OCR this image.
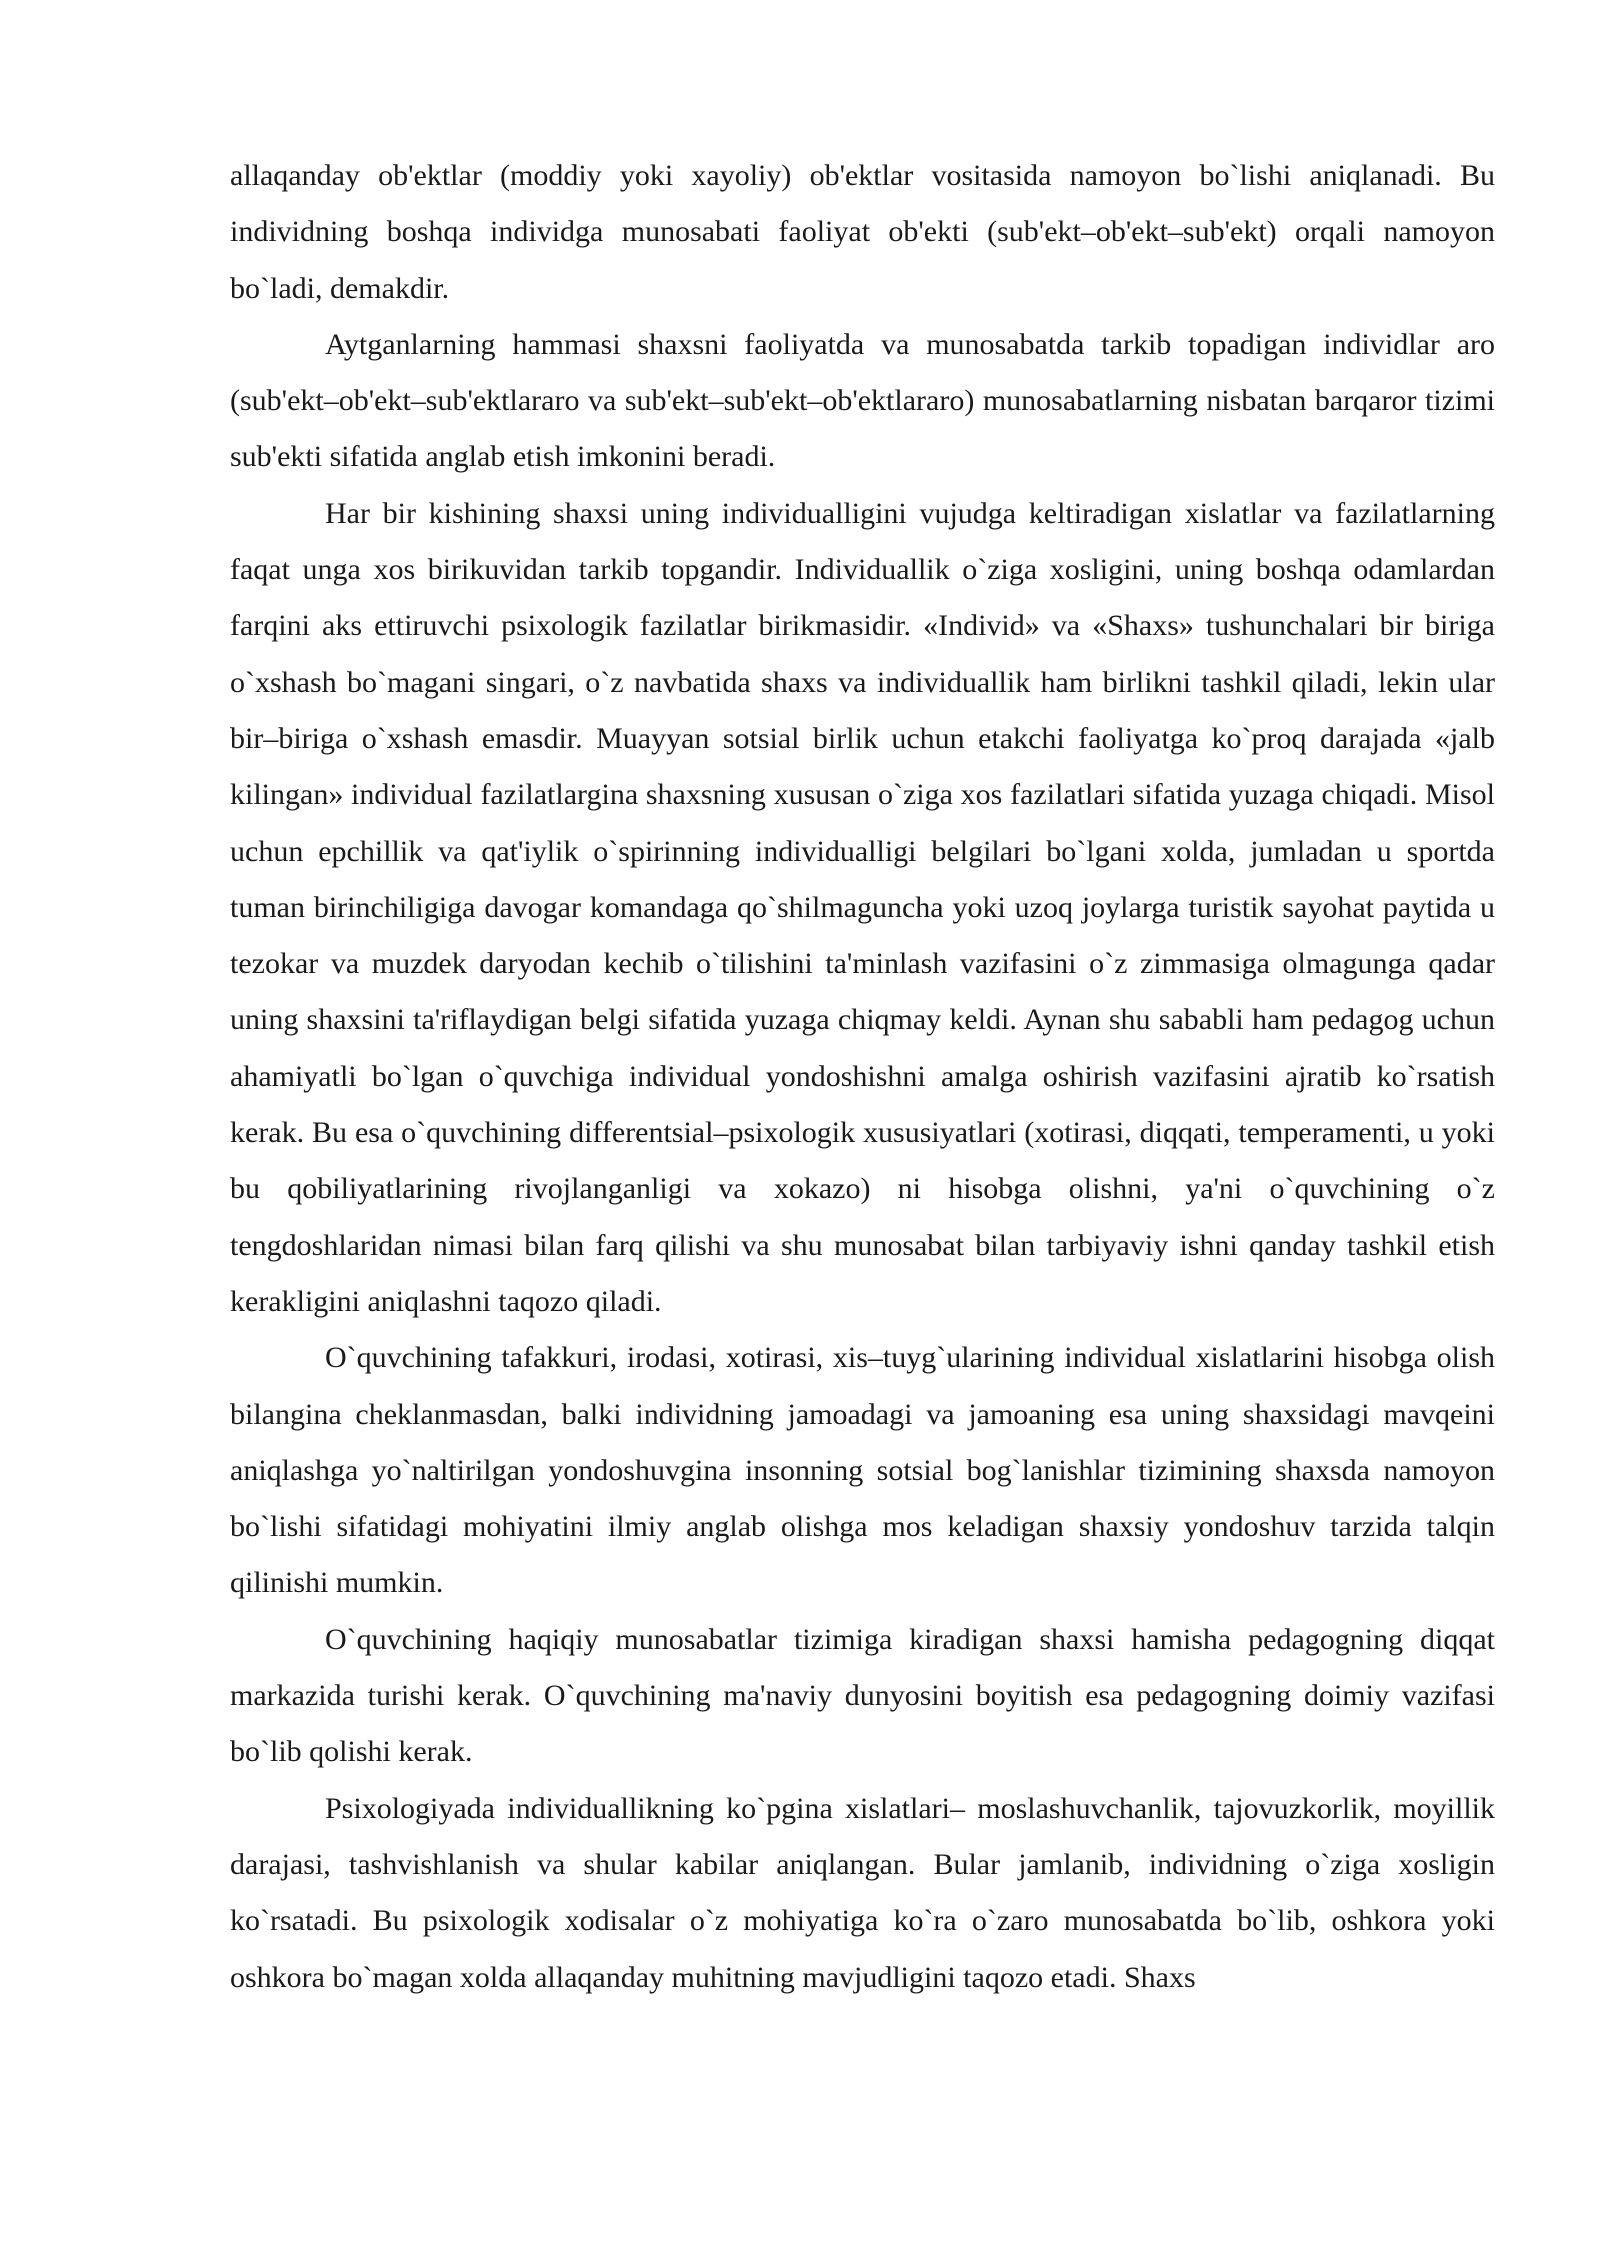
allaqanday ob'ektlar (moddiy yoki xayoliy) ob'ektlar vositasida namoyon bo`lishi aniqlanadi. Bu individning boshqa individga munosabati faoliyat ob'ekti (sub'ekt–ob'ekt–sub'ekt) orqali namoyon bo`ladi, demakdir.

Aytganlarning hammasi shaxsni faoliyatda va munosabatda tarkib topadigan individlar aro (sub'ekt–ob'ekt–sub'ektlararo va sub'ekt–sub'ekt–ob'ektlararo) munosabatlarning nisbatan barqaror tizimi sub'ekti sifatida anglab etish imkonini beradi.

Har bir kishining shaxsi uning individualligini vujudga keltiradigan xislatlar va fazilatlarning faqat unga xos birikuvidan tarkib topgandir. Individuallik o`ziga xosligini, uning boshqa odamlardan farqini aks ettiruvchi psixologik fazilatlar birikmasidir. «Individ» va «Shaxs» tushunchalari bir biriga o`xshash bo`magani singari, o`z navbatida shaxs va individuallik ham birlikni tashkil qiladi, lekin ular bir–biriga o`xshash emasdir. Muayyan sotsial birlik uchun etakchi faoliyatga ko`proq darajada «jalb kilingan» individual fazilatlargina shaxsning xususan o`ziga xos fazilatlari sifatida yuzaga chiqadi. Misol uchun epchillik va qat'iylik o`spirinning individualligi belgilari bo`lgani xolda, jumladan u sportda tuman birinchiligiga davogar komandaga qo`shilmaguncha yoki uzoq joylarga turistik sayohat paytida u tezokar va muzdek daryodan kechib o`tilishini ta'minlash vazifasini o`z zimmasiga olmagunga qadar uning shaxsini ta'riflaydigan belgi sifatida yuzaga chiqmay keldi. Aynan shu sababli ham pedagog uchun ahamiyatli bo`lgan o`quvchiga individual yondoshishni amalga oshirish vazifasini ajratib ko`rsatish kerak. Bu esa o`quvchining differentsial–psixologik xususiyatlari (xotirasi, diqqati, temperamenti, u yoki bu qobiliyatlarining rivojlanganligi va xokazo) ni hisobga olishni, ya'ni o`quvchining o`z tengdoshlaridan nimasi bilan farq qilishi va shu munosabat bilan tarbiyaviy ishni qanday tashkil etish kerakligini aniqlashni taqozo qiladi.

O`quvchining tafakkuri, irodasi, xotirasi, xis–tuyg`ularining individual xislatlarini hisobga olish bilangina cheklanmasdan, balki individning jamoadagi va jamoaning esa uning shaxsidagi mavqeini aniqlashga yo`naltirilgan yondoshuvgina insonning sotsial bog`lanishlar tizimining shaxsda namoyon bo`lishi sifatidagi mohiyatini ilmiy anglab olishga mos keladigan shaxsiy yondoshuv tarzida talqin qilinishi mumkin.

O`quvchining haqiqiy munosabatlar tizimiga kiradigan shaxsi hamisha pedagogning diqqat markazida turishi kerak. O`quvchining ma'naviy dunyosini boyitish esa pedagogning doimiy vazifasi bo`lib qolishi kerak.

Psixologiyada individuallikning ko`pgina xislatlari– moslashuvchanlik, tajovuzkorlik, moyillik darajasi, tashvishlanish va shular kabilar aniqlangan. Bular jamlanib, individning o`ziga xosligin ko`rsatadi. Bu psixologik xodisalar o`z mohiyatiga ko`ra o`zaro munosabatda bo`lib, oshkora yoki oshkora bo`magan xolda allaqanday muhitning mavjudligini taqozo etadi. Shaxs
